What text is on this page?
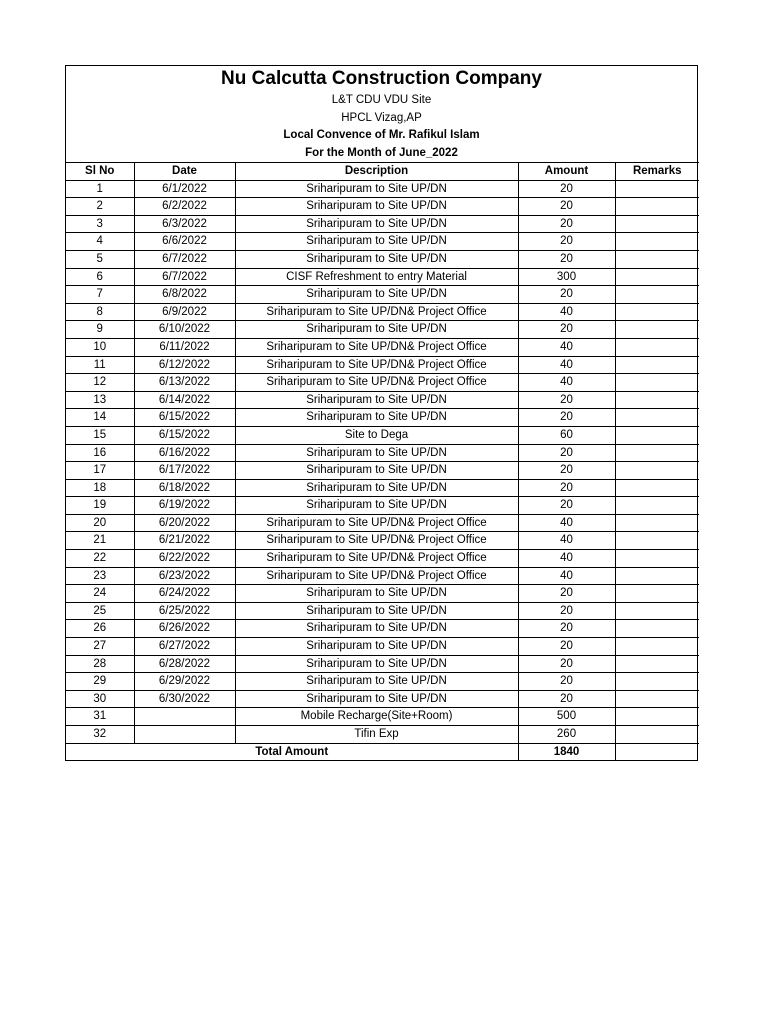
Nu Calcutta Construction Company
L&T CDU VDU Site
HPCL Vizag,AP
Local Convence of Mr. Rafikul Islam
For the Month of June_2022
Sl No	Date	Description	Amount	Remarks
1	6/1/2022	Sriharipuram to Site UP/DN	20	
2	6/2/2022	Sriharipuram to Site UP/DN	20	
3	6/3/2022	Sriharipuram to Site UP/DN	20	
4	6/6/2022	Sriharipuram to Site UP/DN	20	
5	6/7/2022	Sriharipuram to Site UP/DN	20	
6	6/7/2022	CISF Refreshment to entry Material	300	
7	6/8/2022	Sriharipuram to Site UP/DN	20	
8	6/9/2022	Sriharipuram to Site UP/DN& Project Office	40	
9	6/10/2022	Sriharipuram to Site UP/DN	20	
10	6/11/2022	Sriharipuram to Site UP/DN& Project Office	40	
11	6/12/2022	Sriharipuram to Site UP/DN& Project Office	40	
12	6/13/2022	Sriharipuram to Site UP/DN& Project Office	40	
13	6/14/2022	Sriharipuram to Site UP/DN	20	
14	6/15/2022	Sriharipuram to Site UP/DN	20	
15	6/15/2022	Site to Dega	60	
16	6/16/2022	Sriharipuram to Site UP/DN	20	
17	6/17/2022	Sriharipuram to Site UP/DN	20	
18	6/18/2022	Sriharipuram to Site UP/DN	20	
19	6/19/2022	Sriharipuram to Site UP/DN	20	
20	6/20/2022	Sriharipuram to Site UP/DN& Project Office	40	
21	6/21/2022	Sriharipuram to Site UP/DN& Project Office	40	
22	6/22/2022	Sriharipuram to Site UP/DN& Project Office	40	
23	6/23/2022	Sriharipuram to Site UP/DN& Project Office	40	
24	6/24/2022	Sriharipuram to Site UP/DN	20	
25	6/25/2022	Sriharipuram to Site UP/DN	20	
26	6/26/2022	Sriharipuram to Site UP/DN	20	
27	6/27/2022	Sriharipuram to Site UP/DN	20	
28	6/28/2022	Sriharipuram to Site UP/DN	20	
29	6/29/2022	Sriharipuram to Site UP/DN	20	
30	6/30/2022	Sriharipuram to Site UP/DN	20	
31		Mobile Recharge(Site+Room)	500	
32		Tifin Exp	260	
Total Amount			1840	
